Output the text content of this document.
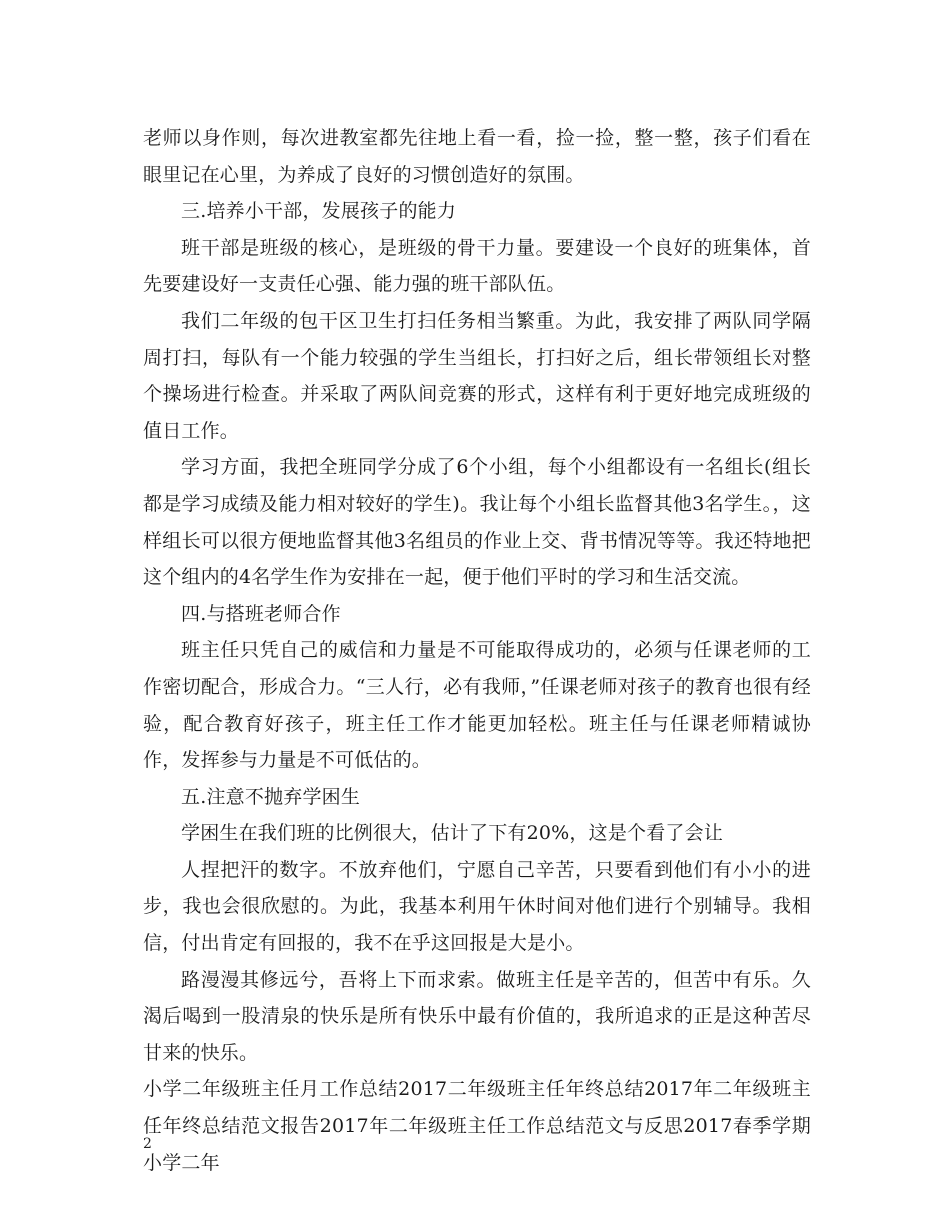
老师以身作则，每次进教室都先往地上看一看，捡一捡，整一整，孩子们看在眼里记在心里，为养成了良好的习惯创造好的氛围。

三.培养小干部，发展孩子的能力

班干部是班级的核心，是班级的骨干力量。要建设一个良好的班集体，首先要建设好一支责任心强、能力强的班干部队伍。

我们二年级的包干区卫生打扫任务相当繁重。为此，我安排了两队同学隔周打扫，每队有一个能力较强的学生当组长，打扫好之后，组长带领组长对整个操场进行检查。并采取了两队间竞赛的形式，这样有利于更好地完成班级的值日工作。

学习方面，我把全班同学分成了6个小组，每个小组都设有一名组长(组长都是学习成绩及能力相对较好的学生)。我让每个小组长监督其他3名学生。，这样组长可以很方便地监督其他3名组员的作业上交、背书情况等等。我还特地把这个组内的4名学生作为安排在一起，便于他们平时的学习和生活交流。

四.与搭班老师合作

班主任只凭自己的威信和力量是不可能取得成功的，必须与任课老师的工作密切配合，形成合力。“三人行，必有我师，”任课老师对孩子的教育也很有经验，配合教育好孩子，班主任工作才能更加轻松。班主任与任课老师精诚协作，发挥参与力量是不可低估的。

五.注意不抛弃学困生

学困生在我们班的比例很大，估计了下有20%，这是个看了会让

人捏把汗的数字。不放弃他们，宁愿自己辛苦，只要看到他们有小小的进步，我也会很欣慰的。为此，我基本利用午休时间对他们进行个别辅导。我相信，付出肯定有回报的，我不在乎这回报是大是小。

路漫漫其修远兮，吾将上下而求索。做班主任是辛苦的，但苦中有乐。久渴后喝到一股清泉的快乐是所有快乐中最有价值的，我所追求的正是这种苦尽甘来的快乐。

小学二年级班主任月工作总结2017二年级班主任年终总结2017年二年级班主任年终总结范文报告2017年二年级班主任工作总结范文与反思2017春季学期小学二年

2
